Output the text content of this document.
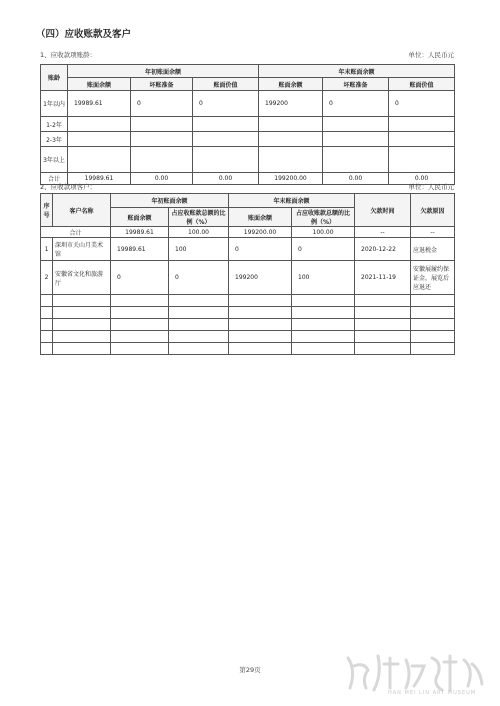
（四）应收账款及客户
1、应收款项账龄：	单位：人民币元
账龄	年初账面余额			年末账面余额		
	账面余额	坏账准备	账面价值	账面余额	坏账准备	账面价值
1年以内	19989.61	0	0	199200	0	0
1-2年						
2-3年						
3年以上						
合计	19989.61	0.00	0.00	199200.00	0.00	0.00
2、应收款项客户：	单位：人民币元
序号	客户名称	年初账面余额		年末账面余额		欠款时间	欠款原因
		账面余额	占应收账款总额的比例（%）	账面余额	占应收账款总额的比例（%）		
合计		19989.61	100.00	199200.00	100.00	--	--
1	深圳市关山月美术馆	19989.61	100	0	0	2020-12-22	应退税金
2	安徽省文化和旅游厅	0	0	199200	100	2021-11-19	安徽展履约保证金，展览后应退还

第29页
HAN MEI LIN ART MUSEUM
